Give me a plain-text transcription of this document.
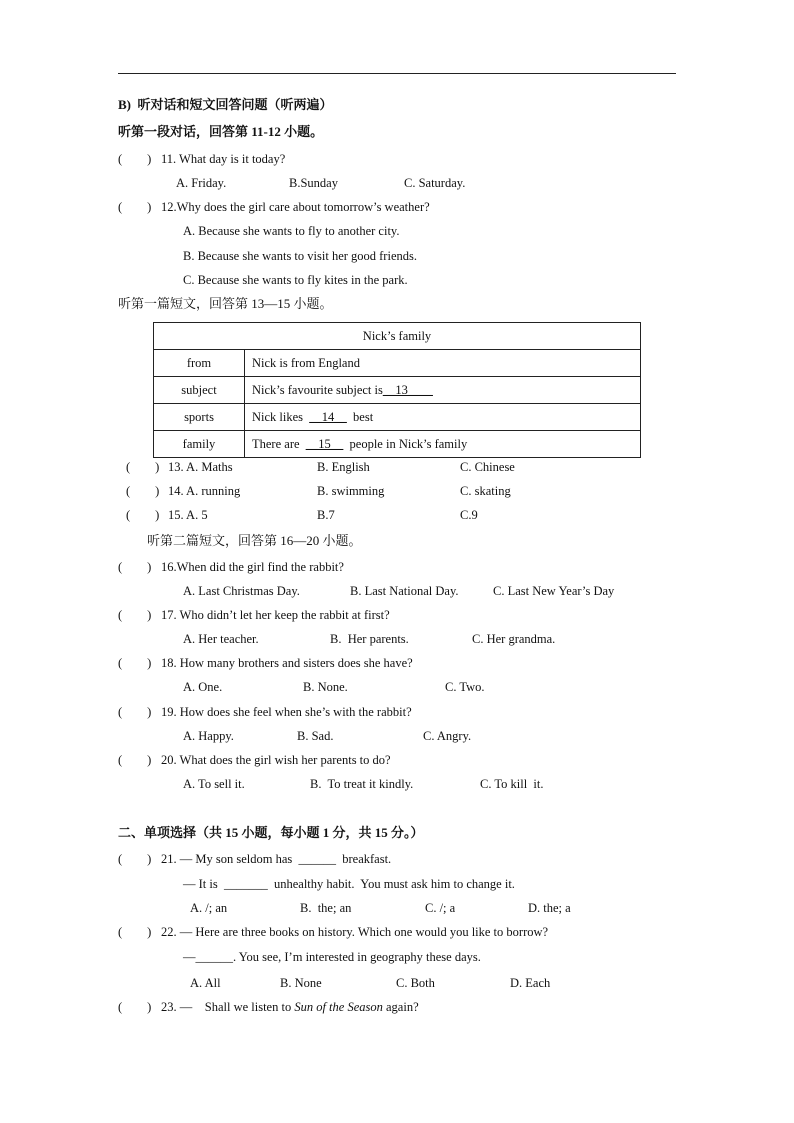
B)  听对话和短文回答问题（听两遍）
听第一段对话，回答第 11-12 小题。
(        ) 11. What day is it today?
A. Friday.	B.Sunday	C. Saturday.
(        ) 12.Why does the girl care about tomorrow’s weather?
A. Because she wants to fly to another city.
B. Because she wants to visit her good friends.
C. Because she wants to fly kites in the park.
听第一篇短文，回答第 13—15 小题。
Nick’s family	
from	Nick is from England
subject	Nick’s favourite subject is__13____
sports	Nick likes  __14__  best
family	There are  __15__  people in Nick’s family
(        ) 13. A. Maths	B. English	C. Chinese
(        ) 14. A. running	B. swimming	C. skating
(        ) 15. A. 5	B.7	C.9
听第二篇短文，回答第 16—20 小题。
(        ) 16.When did the girl find the rabbit?
A. Last Christmas Day.	B. Last National Day.	C. Last New Year’s Day
(        ) 17. Who didn’t let her keep the rabbit at first?
A. Her teacher.	B.  Her parents.	C. Her grandma.
(        ) 18. How many brothers and sisters does she have?
A. One.	B. None.	C. Two.
(        ) 19. How does she feel when she’s with the rabbit?
A. Happy.	B. Sad.	C. Angry.
(        ) 20. What does the girl wish her parents to do?
A. To sell it.	B.  To treat it kindly.	C. To kill  it.
二、单项选择（共 15 小题，每小题 1 分，共 15 分。）
(        ) 21. — My son seldom has  ______  breakfast.
— It is  _______  unhealthy habit.  You must ask him to change it.
A. /; an	B.  the; an	C. /; a	D. the; a
(        ) 22. — Here are three books on history. Which one would you like to borrow?
—______. You see, I’m interested in geography these days.
A. All	B. None	C. Both	D. Each
(        ) 23. —    Shall we listen to Sun of the Season again?
